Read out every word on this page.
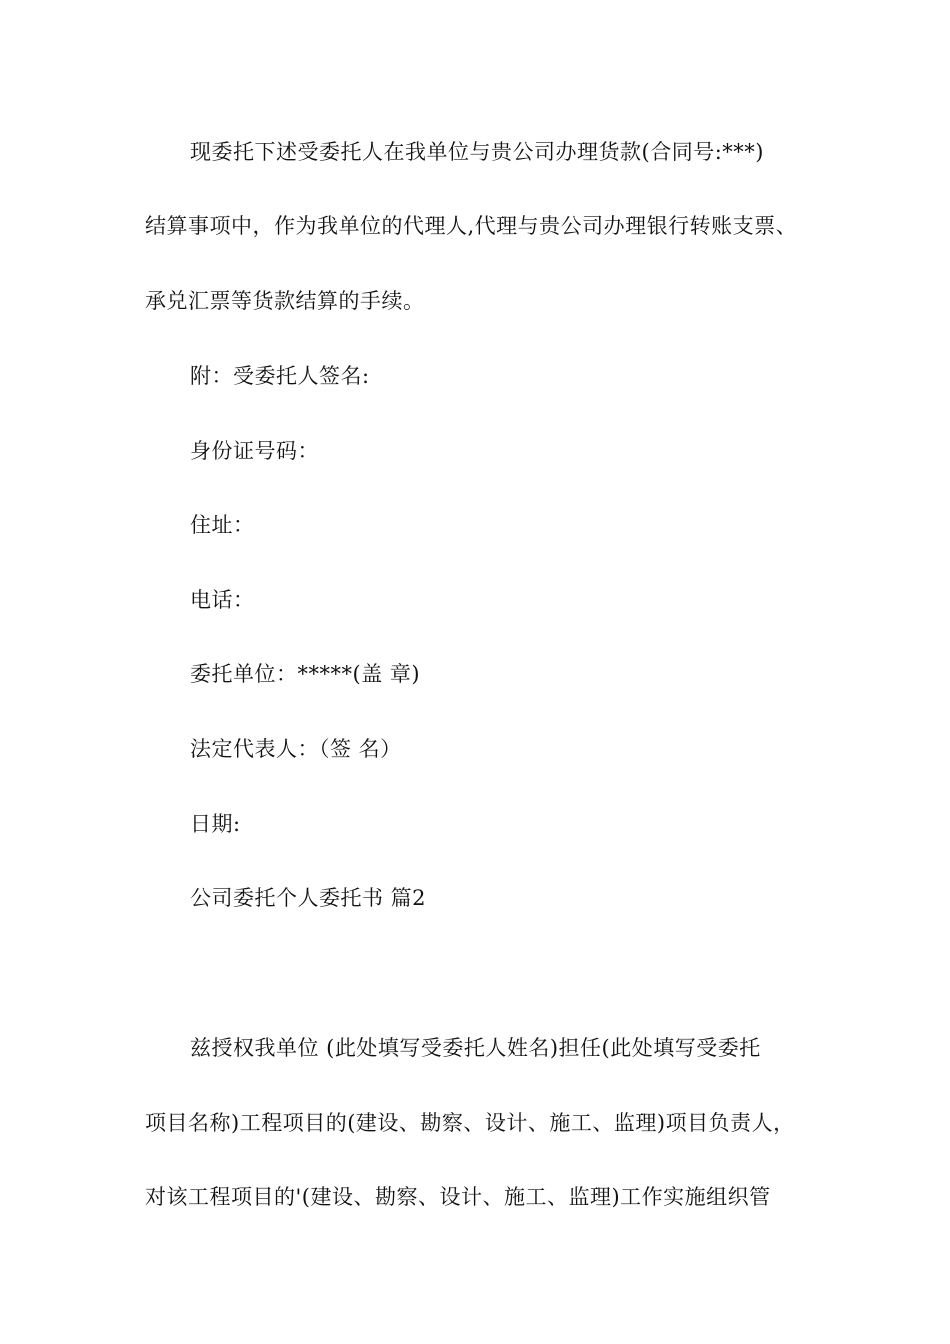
现委托下述受委托人在我单位与贵公司办理货款(合同号:***)
结算事项中，作为我单位的代理人,代理与贵公司办理银行转账支票、
承兑汇票等货款结算的手续。
附：受委托人签名:
身份证号码：
住址：
电话：
委托单位：*****(盖 章)
法定代表人：（签 名）
日期:
公司委托个人委托书 篇2
兹授权我单位 (此处填写受委托人姓名)担任(此处填写受委托
项目名称)工程项目的(建设、勘察、设计、施工、监理)项目负责人，
对该工程项目的'(建设、勘察、设计、施工、监理)工作实施组织管
